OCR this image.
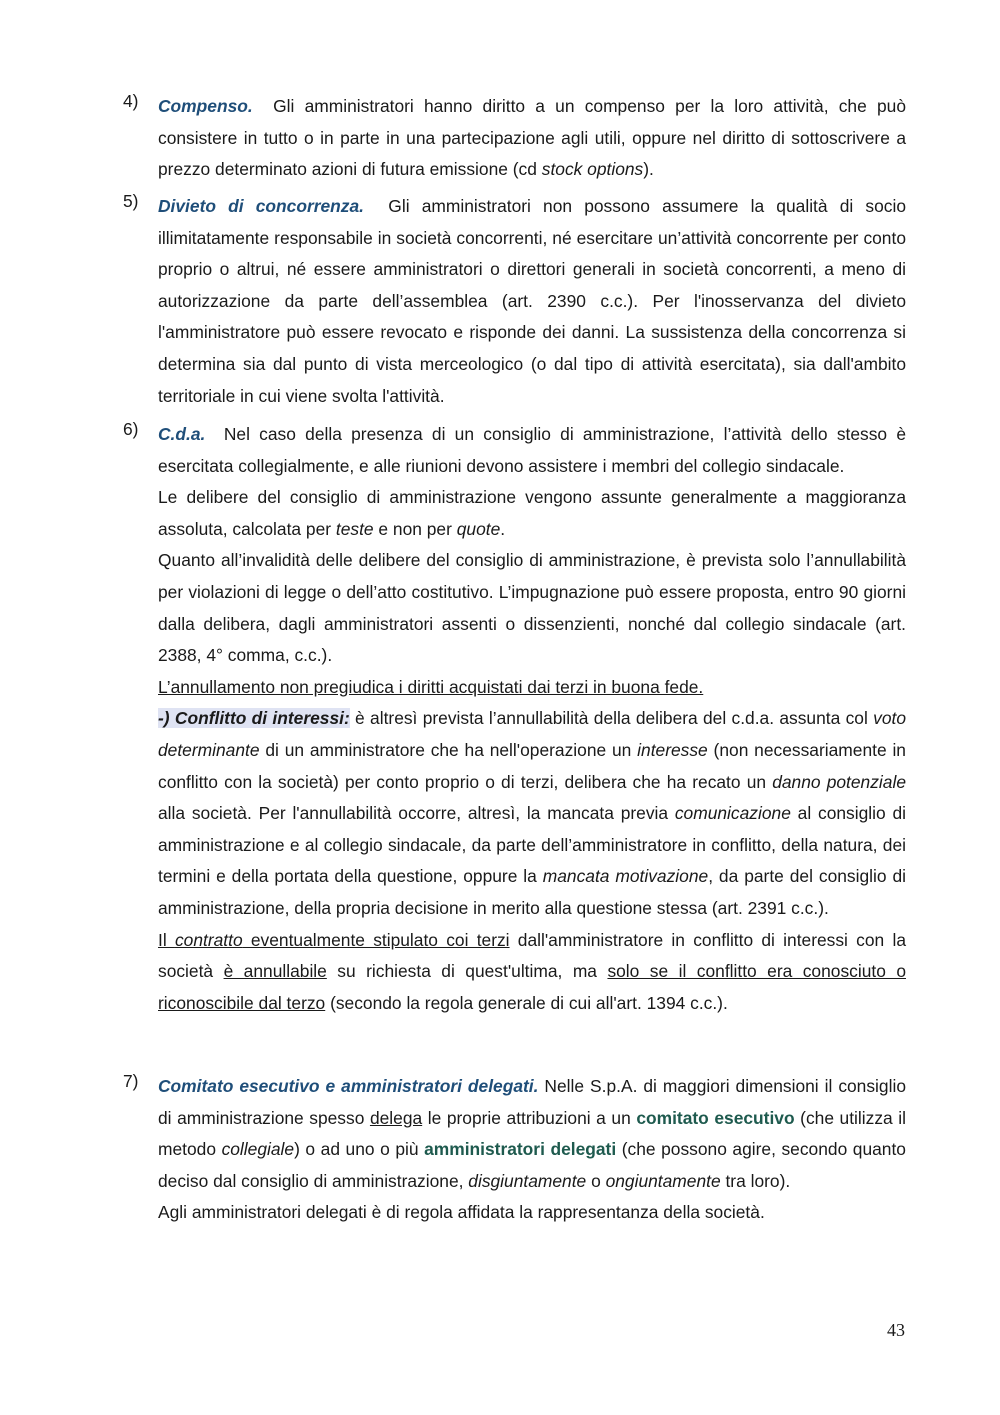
4) Compenso. Gli amministratori hanno diritto a un compenso per la loro attività, che può consistere in tutto o in parte in una partecipazione agli utili, oppure nel diritto di sottoscrivere a prezzo determinato azioni di futura emissione (cd stock options).

5) Divieto di concorrenza. Gli amministratori non possono assumere la qualità di socio illimitatamente responsabile in società concorrenti, né esercitare un’attività concorrente per conto proprio o altrui, né essere amministratori o direttori generali in società concorrenti, a meno di autorizzazione da parte dell’assemblea (art. 2390 c.c.). Per l'inosservanza del divieto l'amministratore può essere revocato e risponde dei danni. La sussistenza della concorrenza si determina sia dal punto di vista merceologico (o dal tipo di attività esercitata), sia dall'ambito territoriale in cui viene svolta l'attività.

6) C.d.a. Nel caso della presenza di un consiglio di amministrazione, l’attività dello stesso è esercitata collegialmente, e alle riunioni devono assistere i membri del collegio sindacale.

Le delibere del consiglio di amministrazione vengono assunte generalmente a maggioranza assoluta, calcolata per teste e non per quote.

Quanto all’invalidità delle delibere del consiglio di amministrazione, è prevista solo l’annullabilità per violazioni di legge o dell’atto costitutivo. L’impugnazione può essere proposta, entro 90 giorni dalla delibera, dagli amministratori assenti o dissenzienti, nonché dal collegio sindacale (art. 2388, 4° comma, c.c.).

L’annullamento non pregiudica i diritti acquistati dai terzi in buona fede.

-) Conflitto di interessi: è altresì prevista l’annullabilità della delibera del c.d.a. assunta col voto determinante di un amministratore che ha nell'operazione un interesse (non necessariamente in conflitto con la società) per conto proprio o di terzi, delibera che ha recato un danno potenziale alla società. Per l'annullabilità occorre, altresì, la mancata previa comunicazione al consiglio di amministrazione e al collegio sindacale, da parte dell’amministratore in conflitto, della natura, dei termini e della portata della questione, oppure la mancata motivazione, da parte del consiglio di amministrazione, della propria decisione in merito alla questione stessa (art. 2391 c.c.).

Il contratto eventualmente stipulato coi terzi dall'amministratore in conflitto di interessi con la società è annullabile su richiesta di quest'ultima, ma solo se il conflitto era conosciuto o riconoscibile dal terzo (secondo la regola generale di cui all'art. 1394 c.c.).

7) Comitato esecutivo e amministratori delegati. Nelle S.p.A. di maggiori dimensioni il consiglio di amministrazione spesso delega le proprie attribuzioni a un comitato esecutivo (che utilizza il metodo collegiale) o ad uno o più amministratori delegati (che possono agire, secondo quanto deciso dal consiglio di amministrazione, disgiuntamente o ongiuntamente tra loro).

Agli amministratori delegati è di regola affidata la rappresentanza della società.

43
